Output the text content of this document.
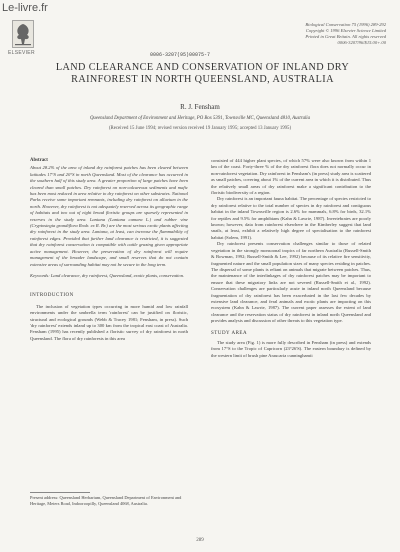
Le-livre.fr
ELSEVIER
Biological Conservation 75 (1996) 289-292
Copyright © 1996 Elsevier Science Limited
Printed in Great Britain. All rights reserved
0006-3207/96/$15.00+.00
0006-3207(95)00075-7
LAND CLEARANCE AND CONSERVATION OF INLAND DRY RAINFOREST IN NORTH QUEENSLAND, AUSTRALIA
R. J. Fensham
Queensland Department of Environment and Heritage, PO Box 5391, Townsville MC, Queensland 4810, Australia
(Received 15 June 1994; revised version received 19 January 1995; accepted 13 January 1995)
Abstract
About 28.2% of the area of inland dry rainforest patches has been cleared between latitudes 17°S and 20°S in north Queensland. Most of the clearance has occurred in the southern half of this study area. A greater proportion of large patches have been cleared than small patches. Dry rainforest on non-calcareous sediments and mafic has been most reduced in area relative to dry rainforest on other substrates. National Parks receive some important remnants, including dry rainforest on alluvium in the north. However, dry rainforest is not adequately reserved across its geographic range of habitats and two out of eight broad floristic groups are sparsely represented in reserves in the study area. Lantana (Lantana camara L.) and rubber vine (Cryptostegia grandiflora Roxb. ex R. Br.) are the most serious exotic plants affecting dry rainforest in the study area. Lantana, at least, can increase the flammability of rainforest edges. Provided that further land clearance is restricted, it is suggested that dry rainforest conservation is compatible with cattle grazing given appropriate active management. However, the preservation of dry rainforest will require management of the broader landscape, and small reserves that do not contain extensive areas of surrounding habitat may not be secure in the long term.
Keywords: Land clearance, dry rainforest, Queensland, exotic plants, conservation.
INTRODUCTION
The inclusion of vegetation types occurring in more humid and low rainfall environments under the umbrella term 'rainforest' can be justified on floristic, structural and ecological grounds (Webb & Tracey 1981; Fensham, in press). Such 'dry rainforest' extends inland up to 300 km from the tropical east coast of Australia. Fensham (1995) has recently published a floristic survey of dry rainforest in north Queensland. The flora of dry rainforests in this area
Present address: Queensland Herbarium, Queensland Department of Environment and Heritage, Meiers Road, Indooroopilly, Queensland 4068, Australia.
consisted of 444 higher plant species, of which 57% were also known from within 1 km of the coast. Forty-three % of the dry rainforest flora does not normally occur in non-rainforest vegetation. Dry rainforest in Fensham's (in press) study area is scattered as small patches, covering about 1% of the current area in which it is distributed. Thus the relatively small areas of dry rainforest make a significant contribution to the floristic biodiversity of a region.
Dry rainforest is an important fauna habitat. The percentage of species restricted to dry rainforest relative to the total number of species in dry rainforest and contiguous habitat in the inland Townsville region is 2.6% for mammals, 6.8% for birds, 32.1% for reptiles and 9.5% for amphibians (Kahn & Lawrie, 1987). Invertebrates are poorly known; however, data from rainforest elsewhere in the Kimberley suggest that land snails, at least, exhibit a relatively high degree of specialisation to the rainforest habitat (Solem, 1991).
Dry rainforest presents conservation challenges similar to those of related vegetation in the strongly monsoonal tropics of far northern Australia (Russell-Smith & Bowman, 1992; Russell-Smith & Lee, 1992) because of its relative fire sensitivity, fragmented nature and the small population sizes of many species residing in patches. The dispersal of some plants is reliant on animals that migrate between patches. Thus, the maintenance of the interlinkages of dry rainforest patches may be important to ensure that these migratory links are not severed (Russell-Smith et al., 1992). Conservation challenges are particularly acute in inland north Queensland because fragmentation of dry rainforest has been exacerbated in the last few decades by extensive land clearance, and feral animals and exotic plants are impacting on this ecosystem (Kahn & Lawrie, 1987). The current paper assesses the extent of land clearance and the reservation status of dry rainforest in inland north Queensland and provides analysis and discussion of other threats to this vegetation type.
STUDY AREA
The study area (Fig. 1) is more fully described in Fensham (in press) and extends from 17°S to the Tropic of Capricorn (23°26'S). The eastern boundary is defined by the western limit of brush pine Araucaria cunninghamii
289
